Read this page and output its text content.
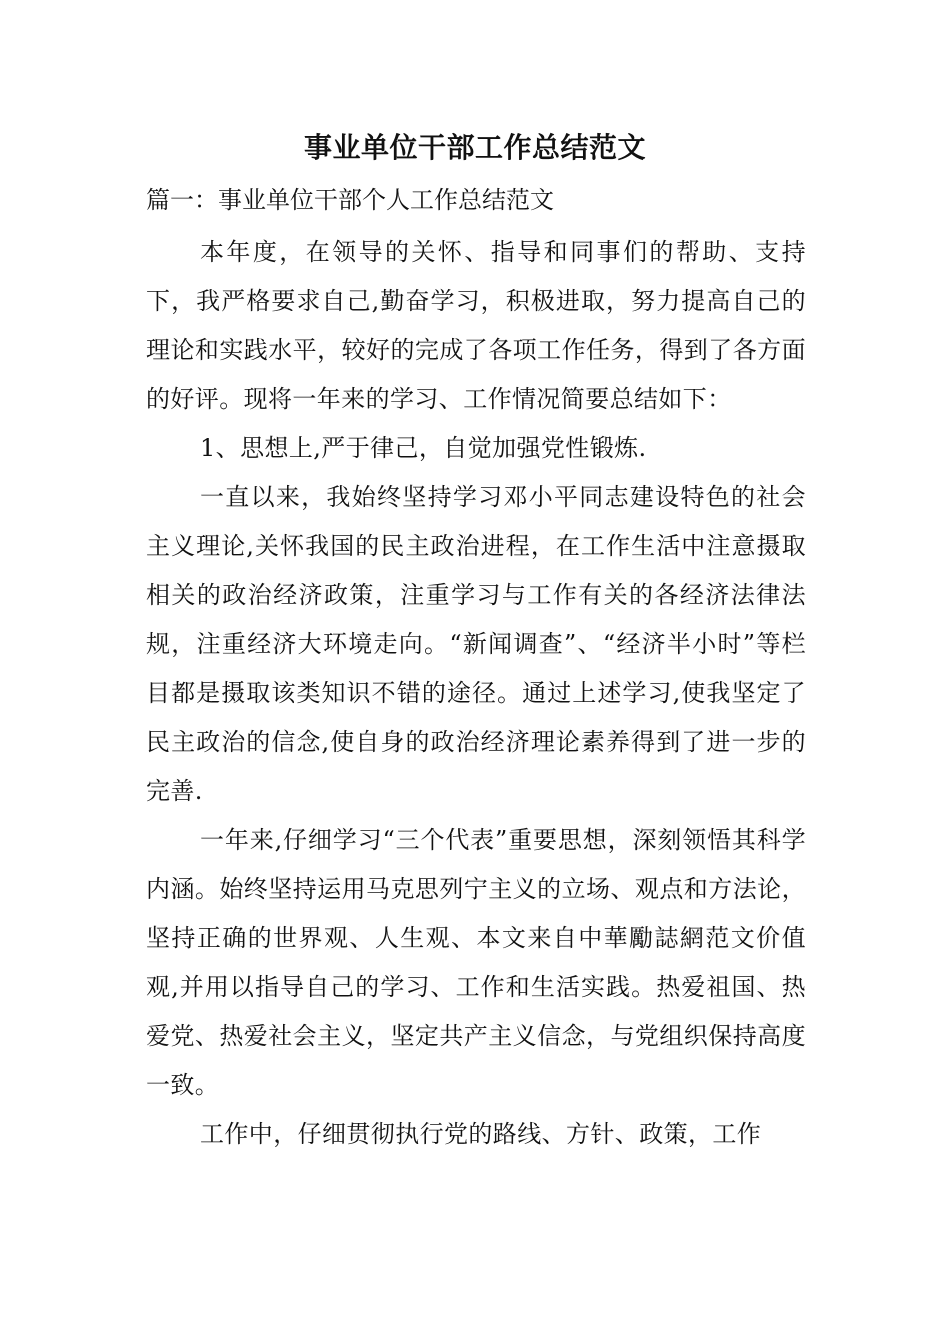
事业单位干部工作总结范文
篇一：事业单位干部个人工作总结范文

本年度，在领导的关怀、指导和同事们的帮助、支持下，我严格要求自己,勤奋学习，积极进取，努力提高自己的理论和实践水平，较好的完成了各项工作任务，得到了各方面的好评。现将一年来的学习、工作情况简要总结如下：

1、思想上,严于律己，自觉加强党性锻炼.

一直以来，我始终坚持学习邓小平同志建设特色的社会主义理论,关怀我国的民主政治进程，在工作生活中注意摄取相关的政治经济政策，注重学习与工作有关的各经济法律法规，注重经济大环境走向。“新闻调查”、“经济半小时”等栏目都是摄取该类知识不错的途径。通过上述学习,使我坚定了民主政治的信念,使自身的政治经济理论素养得到了进一步的完善.

一年来,仔细学习“三个代表”重要思想，深刻领悟其科学内涵。始终坚持运用马克思列宁主义的立场、观点和方法论，坚持正确的世界观、人生观、本文来自中華勵誌網范文价值观,并用以指导自己的学习、工作和生活实践。热爱祖国、热爱党、热爱社会主义，坚定共产主义信念，与党组织保持高度一致。

工作中，仔细贯彻执行党的路线、方针、政策，工作
